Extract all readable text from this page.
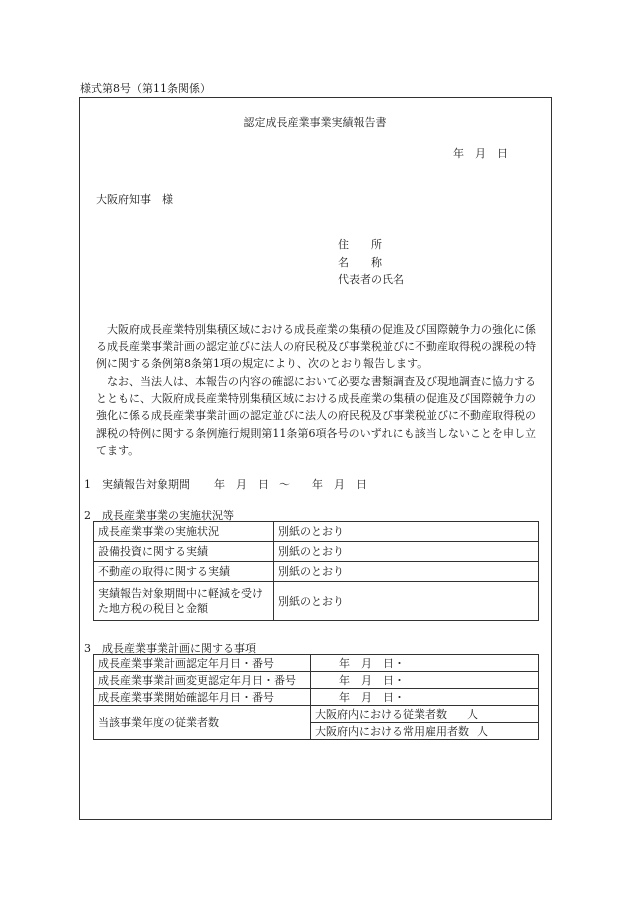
様式第8号（第11条関係）
認定成長産業事業実績報告書
年　月　日
大阪府知事　様
住　　所
名　　称
代表者の氏名
大阪府成長産業特別集積区域における成長産業の集積の促進及び国際競争力の強化に係る成長産業事業計画の認定並びに法人の府民税及び事業税並びに不動産取得税の課税の特例に関する条例第8条第1項の規定により、次のとおり報告します。
なお、当法人は、本報告の内容の確認において必要な書類調査及び現地調査に協力するとともに、大阪府成長産業特別集積区域における成長産業の集積の促進及び国際競争力の強化に係る成長産業事業計画の認定並びに法人の府民税及び事業税並びに不動産取得税の課税の特例に関する条例施行規則第11条第6項各号のいずれにも該当しないことを申し立てます。
1　実績報告対象期間 年　月　日 ～ 年　月　日
2　成長産業事業の実施状況等
成長産業事業の実施状況	別紙のとおり
設備投資に関する実績	別紙のとおり
不動産の取得に関する実績	別紙のとおり
実績報告対象期間中に軽減を受けた地方税の税目と金額	別紙のとおり
3　成長産業事業計画に関する事項
成長産業事業計画認定年月日・番号	年　月　日・
成長産業事業計画変更認定年月日・番号	年　月　日・
成長産業事業開始確認年月日・番号	年　月　日・
当該事業年度の従業者数	大阪府内における従業者数 人
	大阪府内における常用雇用者数 人
